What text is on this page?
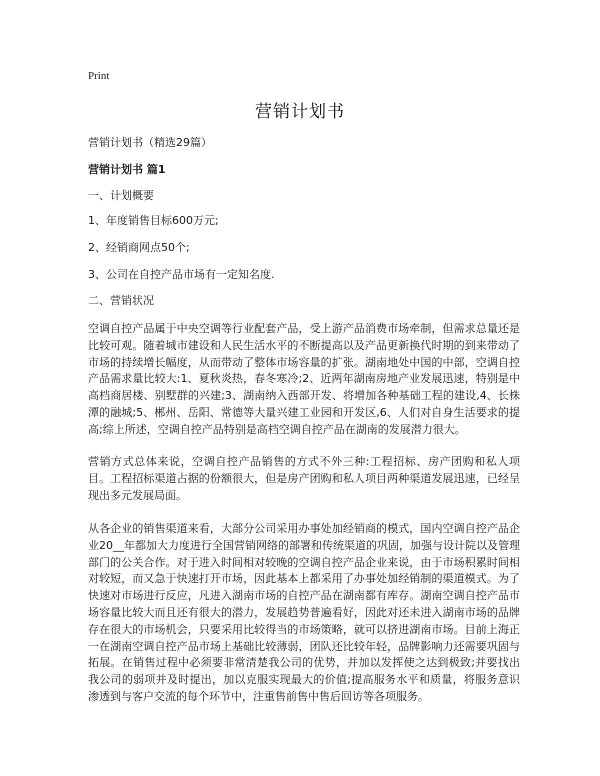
Print
营销计划书

营销计划书（精选29篇）

营销计划书 篇1

一、计划概要

1、年度销售目标600万元;

2、经销商网点50个;

3、公司在自控产品市场有一定知名度.

二、营销状况

空调自控产品属于中央空调等行业配套产品，受上游产品消费市场牵制，但需求总量还是比较可观。随着城市建设和人民生活水平的不断提高以及产品更新换代时期的到来带动了市场的持续增长幅度，从而带动了整体市场容量的扩张。湖南地处中国的中部，空调自控产品需求量比较大:1、夏秋炎热，春冬寒冷;2、近两年湖南房地产业发展迅速，特别是中高档商居楼、别墅群的兴建;3、湖南纳入西部开发、将增加各种基础工程的建设,4、长株潭的融城;5、郴州、岳阳、常德等大量兴建工业园和开发区,6、人们对自身生活要求的提高;综上所述，空调自控产品特别是高档空调自控产品在湖南的发展潜力很大。

营销方式总体来说，空调自控产品销售的方式不外三种:工程招标、房产团购和私人项目。工程招标渠道占据的份额很大，但是房产团购和私人项目两种渠道发展迅速，已经呈现出多元发展局面。

从各企业的销售渠道来看，大部分公司采用办事处加经销商的模式，国内空调自控产品企业20__年都加大力度进行全国营销网络的部署和传统渠道的巩固，加强与设计院以及管理部门的公关合作。对于进入时间相对较晚的空调自控产品企业来说，由于市场积累时间相对较短，而又急于快速打开市场，因此基本上都采用了办事处加经销制的渠道模式。为了快速对市场进行反应，凡进入湖南市场的自控产品在湖南都有库存。湖南空调自控产品市场容量比较大而且还有很大的潜力，发展趋势普遍看好，因此对还未进入湖南市场的品牌存在很大的市场机会，只要采用比较得当的市场策略，就可以挤进湖南市场。目前上海正一在湖南空调自控产品市场上基础比较薄弱，团队还比较年轻，品牌影响力还需要巩固与拓展。在销售过程中必须要非常清楚我公司的优势，并加以发挥使之达到极致;并要找出我公司的弱项并及时提出，加以克服实现最大的价值;提高服务水平和质量，将服务意识渗透到与客户交流的每个环节中，注重售前售中售后回访等各项服务。
